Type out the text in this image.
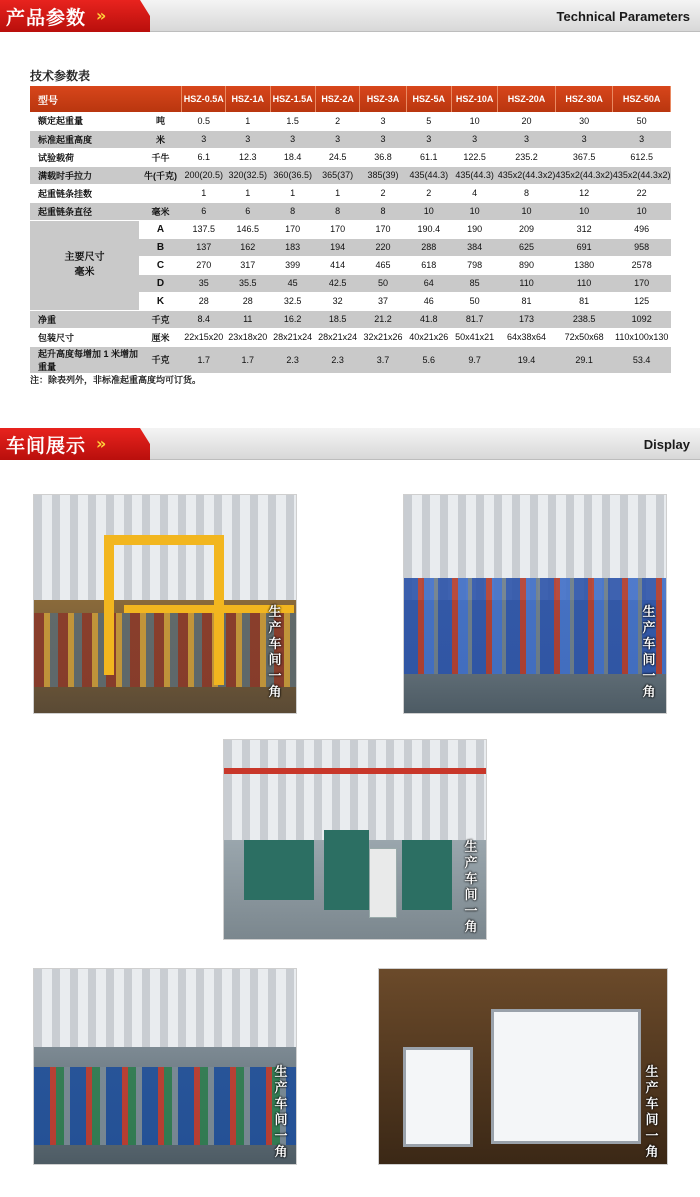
产品参数 »	Technical Parameters
技术参数表
型号		HSZ-0.5A	HSZ-1A	HSZ-1.5A	HSZ-2A	HSZ-3A	HSZ-5A	HSZ-10A	HSZ-20A	HSZ-30A	HSZ-50A
额定起重量	吨	0.5	1	1.5	2	3	5	10	20	30	50
标准起重高度	米	3	3	3	3	3	3	3	3	3	3
试验载荷	千牛	6.1	12.3	18.4	24.5	36.8	61.1	122.5	235.2	367.5	612.5
满载时手拉力	牛(千克)	200(20.5)	320(32.5)	360(36.5)	365(37)	385(39)	435(44.3)	435(44.3)	435x2(44.3x2)	435x2(44.3x2)	435x2(44.3x2)
起重链条挂数		1	1	1	1	2	2	4	8	12	22
起重链条直径	毫米	6	6	8	8	8	10	10	10	10	10

主要尺寸
毫米	A	137.5	146.5	170	170	170	190.4	190	209	312	496
	B	137	162	183	194	220	288	384	625	691	958
	C	270	317	399	414	465	618	798	890	1380	2578
	D	35	35.5	45	42.5	50	64	85	110	110	170
	K	28	28	32.5	32	37	46	50	81	81	125
净重	千克	8.4	11	16.2	18.5	21.2	41.8	81.7	173	238.5	1092
包装尺寸	厘米	22x15x20	23x18x20	28x21x24	28x21x24	32x21x26	40x21x26	50x41x21	64x38x64	72x50x68	110x100x130
起升高度每增加 1 米增加重量	千克	1.7	1.7	2.3	2.3	3.7	5.6	9.7	19.4	29.1	53.4
注：除表列外，非标准起重高度均可订货。
车间展示 »	Display
生
产
车
间
一
角
生
产
车
间
一
角
生
产
车
间
一
角
生
产
车
间
一
角
生
产
车
间
一
角
